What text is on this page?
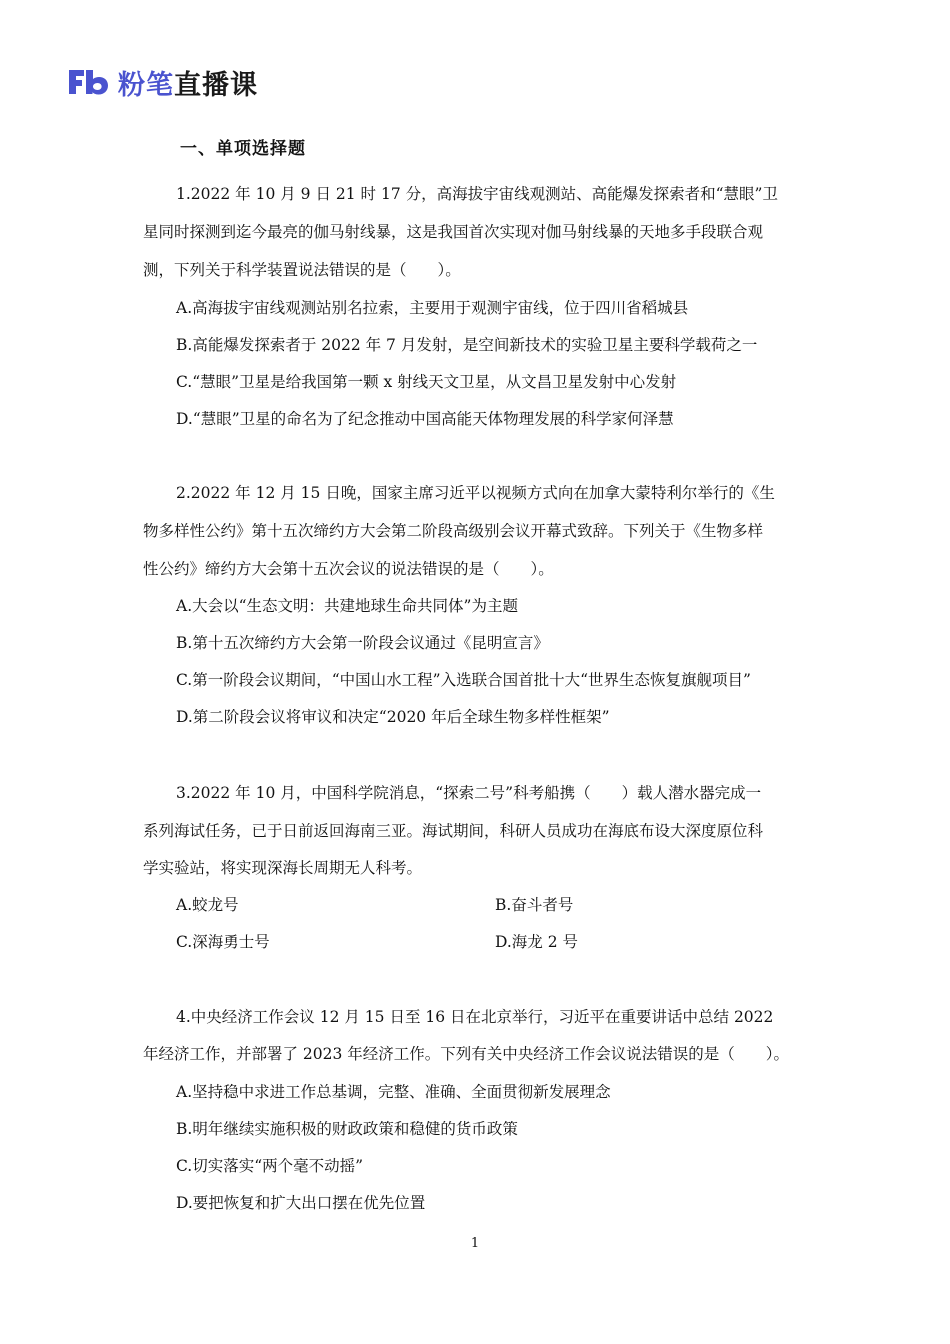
粉笔 直播课
一、单项选择题
1.2022 年 10 月 9 日 21 时 17 分，高海拔宇宙线观测站、高能爆发探索者和“慧眼”卫
星同时探测到迄今最亮的伽马射线暴，这是我国首次实现对伽马射线暴的天地多手段联合观
测，下列关于科学装置说法错误的是（　　）。
A.高海拔宇宙线观测站别名拉索，主要用于观测宇宙线，位于四川省稻城县
B.高能爆发探索者于 2022 年 7 月发射，是空间新技术的实验卫星主要科学载荷之一
C.“慧眼”卫星是给我国第一颗 x 射线天文卫星，从文昌卫星发射中心发射
D.“慧眼”卫星的命名为了纪念推动中国高能天体物理发展的科学家何泽慧
2.2022 年 12 月 15 日晚，国家主席习近平以视频方式向在加拿大蒙特利尔举行的《生
物多样性公约》第十五次缔约方大会第二阶段高级别会议开幕式致辞。下列关于《生物多样
性公约》缔约方大会第十五次会议的说法错误的是（　　）。
A.大会以“生态文明：共建地球生命共同体”为主题
B.第十五次缔约方大会第一阶段会议通过《昆明宣言》
C.第一阶段会议期间，“中国山水工程”入选联合国首批十大“世界生态恢复旗舰项目”
D.第二阶段会议将审议和决定“2020 年后全球生物多样性框架”
3.2022 年 10 月，中国科学院消息，“探索二号”科考船携（　　）载人潜水器完成一
系列海试任务，已于日前返回海南三亚。海试期间，科研人员成功在海底布设大深度原位科
学实验站，将实现深海长周期无人科考。
A.蛟龙号	B.奋斗者号
C.深海勇士号	D.海龙 2 号
4.中央经济工作会议 12 月 15 日至 16 日在北京举行，习近平在重要讲话中总结 2022
年经济工作，并部署了 2023 年经济工作。下列有关中央经济工作会议说法错误的是（　　）。
A.坚持稳中求进工作总基调，完整、准确、全面贯彻新发展理念
B.明年继续实施积极的财政政策和稳健的货币政策
C.切实落实“两个毫不动摇”
D.要把恢复和扩大出口摆在优先位置
1
